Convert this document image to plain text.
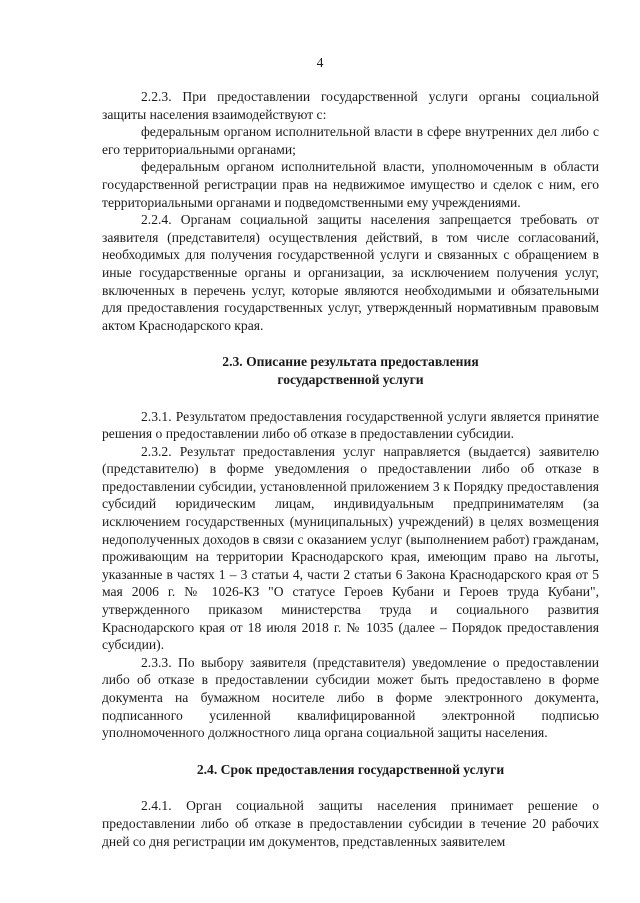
4

2.2.3. При предоставлении государственной услуги органы социальной защиты населения взаимодействуют с:

федеральным органом исполнительной власти в сфере внутренних дел либо с его территориальными органами;

федеральным органом исполнительной власти, уполномоченным в области государственной регистрации прав на недвижимое имущество и сделок с ним, его территориальными органами и подведомственными ему учреждениями.

2.2.4. Органам социальной защиты населения запрещается требовать от заявителя (представителя) осуществления действий, в том числе согласований, необходимых для получения государственной услуги и связанных с обращением в иные государственные органы и организации, за исключением получения услуг, включенных в перечень услуг, которые являются необходимыми и обязательными для предоставления государственных услуг, утвержденный нормативным правовым актом Краснодарского края.

2.3. Описание результата предоставления
государственной услуги

2.3.1. Результатом предоставления государственной услуги является принятие решения о предоставлении либо об отказе в предоставлении субсидии.

2.3.2. Результат предоставления услуг направляется (выдается) заявителю (представителю) в форме уведомления о предоставлении либо об отказе в предоставлении субсидии, установленной приложением 3 к Порядку предоставления субсидий юридическим лицам, индивидуальным предпринимателям (за исключением государственных (муниципальных) учреждений) в целях возмещения недополученных доходов в связи с оказанием услуг (выполнением работ) гражданам, проживающим на территории Краснодарского края, имеющим право на льготы, указанные в частях 1 – 3 статьи 4, части 2 статьи 6 Закона Краснодарского края от 5 мая 2006 г. № 1026-КЗ "О статусе Героев Кубани и Героев труда Кубани", утвержденного приказом министерства труда и социального развития Краснодарского края от 18 июля 2018 г. № 1035 (далее – Порядок предоставления субсидии).

2.3.3. По выбору заявителя (представителя) уведомление о предоставлении либо об отказе в предоставлении субсидии может быть предоставлено в форме документа на бумажном носителе либо в форме электронного документа, подписанного усиленной квалифицированной электронной подписью уполномоченного должностного лица органа социальной защиты населения.

2.4. Срок предоставления государственной услуги

2.4.1. Орган социальной защиты населения принимает решение о предоставлении либо об отказе в предоставлении субсидии в течение 20 рабочих дней со дня регистрации им документов, представленных заявителем
